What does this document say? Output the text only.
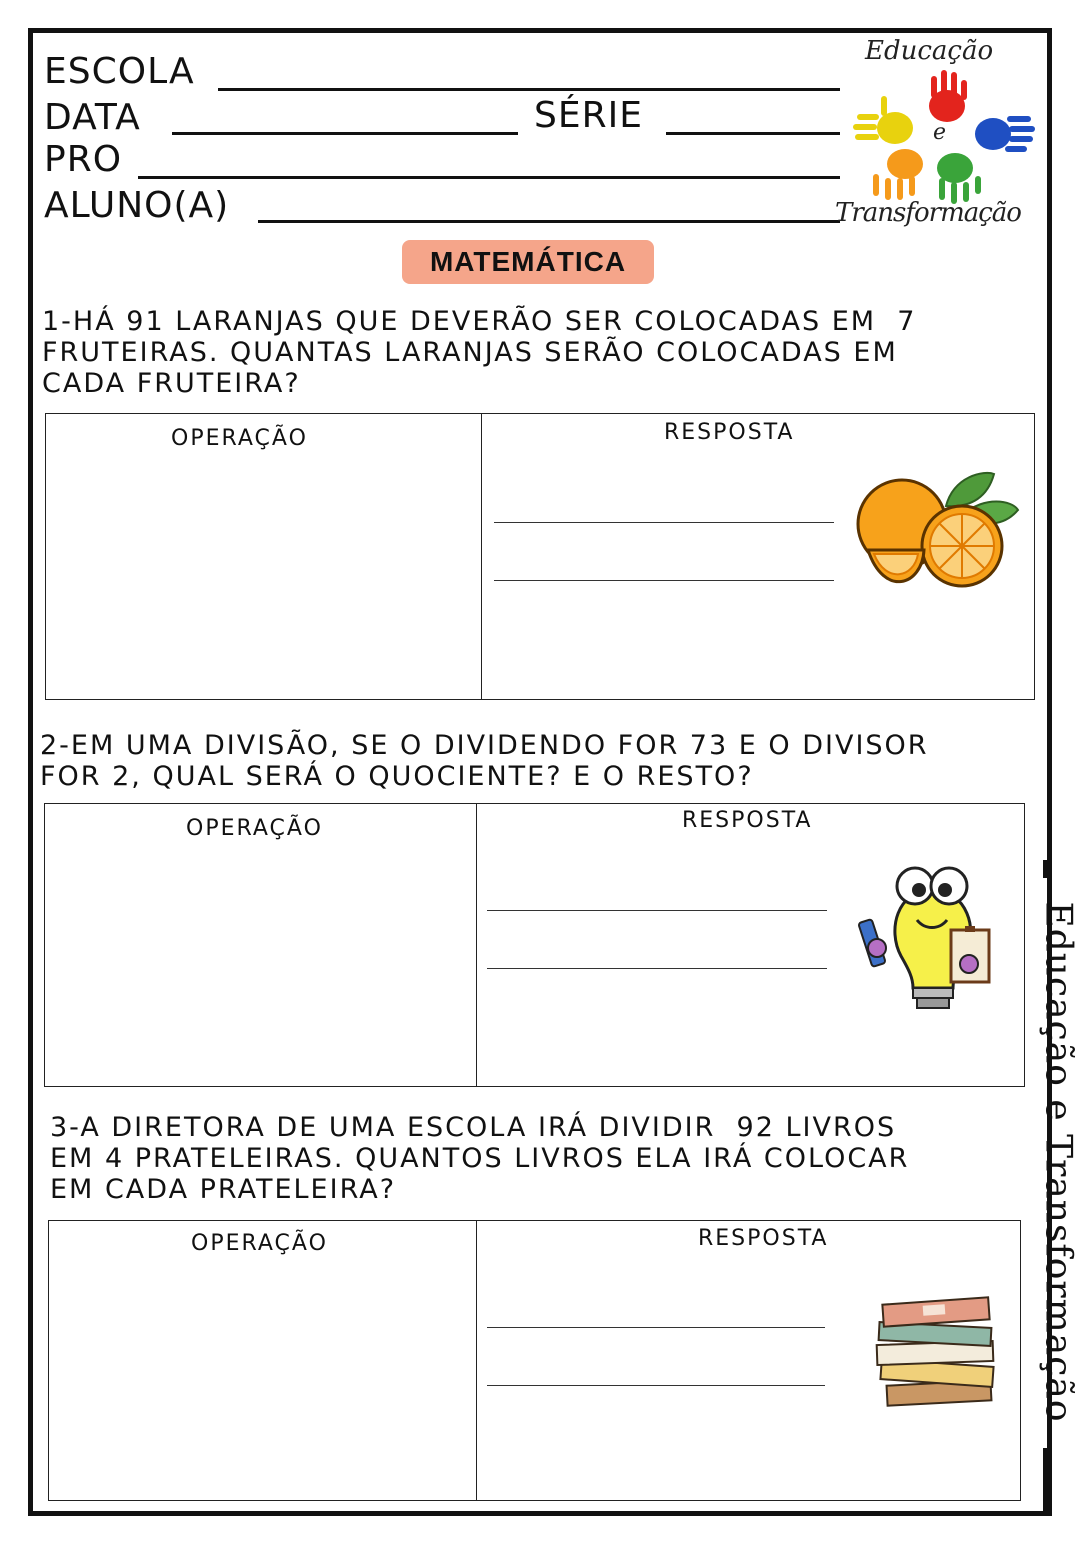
ESCOLA
DATA	SÉRIE
PRO
ALUNO(A)
Educação
e
Transformação
MATEMÁTICA
1-HÁ 91 LARANJAS QUE DEVERÃO SER COLOCADAS EM  7
FRUTEIRAS. QUANTAS LARANJAS SERÃO COLOCADAS EM
CADA FRUTEIRA?
OPERAÇÃO	RESPOSTA
2-EM UMA DIVISÃO, SE O DIVIDENDO FOR 73 E O DIVISOR
FOR 2, QUAL SERÁ O QUOCIENTE? E O RESTO?
OPERAÇÃO	RESPOSTA
3-A DIRETORA DE UMA ESCOLA IRÁ DIVIDIR  92 LIVROS
EM 4 PRATELEIRAS. QUANTOS LIVROS ELA IRÁ COLOCAR
EM CADA PRATELEIRA?
OPERAÇÃO	RESPOSTA	Educação e Transformação
